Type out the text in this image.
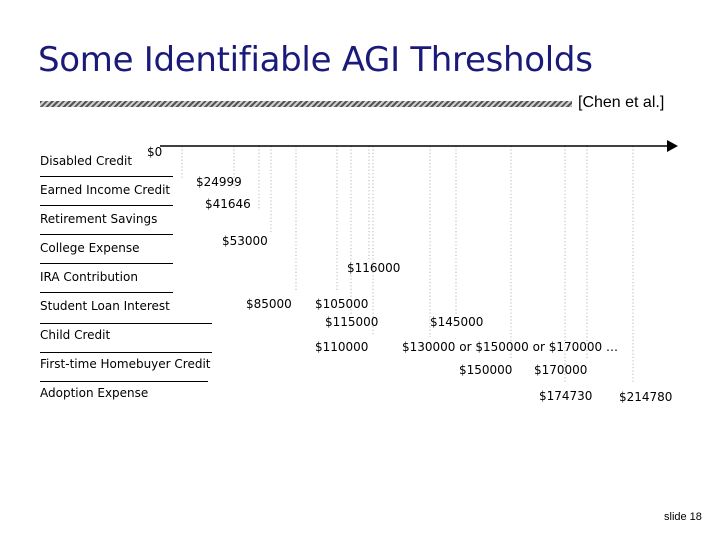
Some Identifiable AGI Thresholds
[Chen et al.]
Disabled Credit
Earned Income Credit
Retirement Savings
College Expense
IRA Contribution
Student Loan Interest
Child Credit
First-time Homebuyer Credit
Adoption Expense
$0
$24999
$41646
$53000
$116000
$85000 $105000
$115000	$145000
$110000	$130000 or $150000 or $170000 …
$150000 $170000
$174730 $214780
slide 18
